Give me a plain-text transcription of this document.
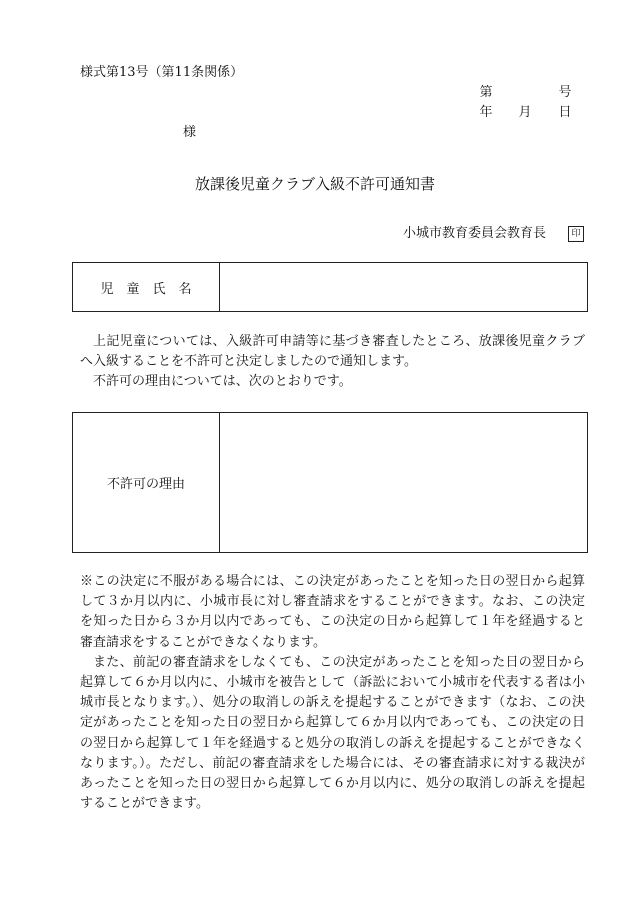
様式第13号（第11条関係）
第	号
年 月 日
様
放課後児童クラブ入級不許可通知書
小城市教育委員会教育長	印
児　童　氏　名

上記児童については、入級許可申請等に基づき審査したところ、放課後児童クラブへ入級することを不許可と決定しましたので通知します。

不許可の理由については、次のとおりです。

不許可の理由
※この決定に不服がある場合には、この決定があったことを知った日の翌日から起算して３か月以内に、小城市長に対し審査請求をすることができます。なお、この決定を知った日から３か月以内であっても、この決定の日から起算して１年を経過すると審査請求をすることができなくなります。
また、前記の審査請求をしなくても、この決定があったことを知った日の翌日から起算して６か月以内に、小城市を被告として（訴訟において小城市を代表する者は小城市長となります。）、処分の取消しの訴えを提起することができます（なお、この決定があったことを知った日の翌日から起算して６か月以内であっても、この決定の日の翌日から起算して１年を経過すると処分の取消しの訴えを提起することができなくなります。）。ただし、前記の審査請求をした場合には、その審査請求に対する裁決があったことを知った日の翌日から起算して６か月以内に、処分の取消しの訴えを提起することができます。
